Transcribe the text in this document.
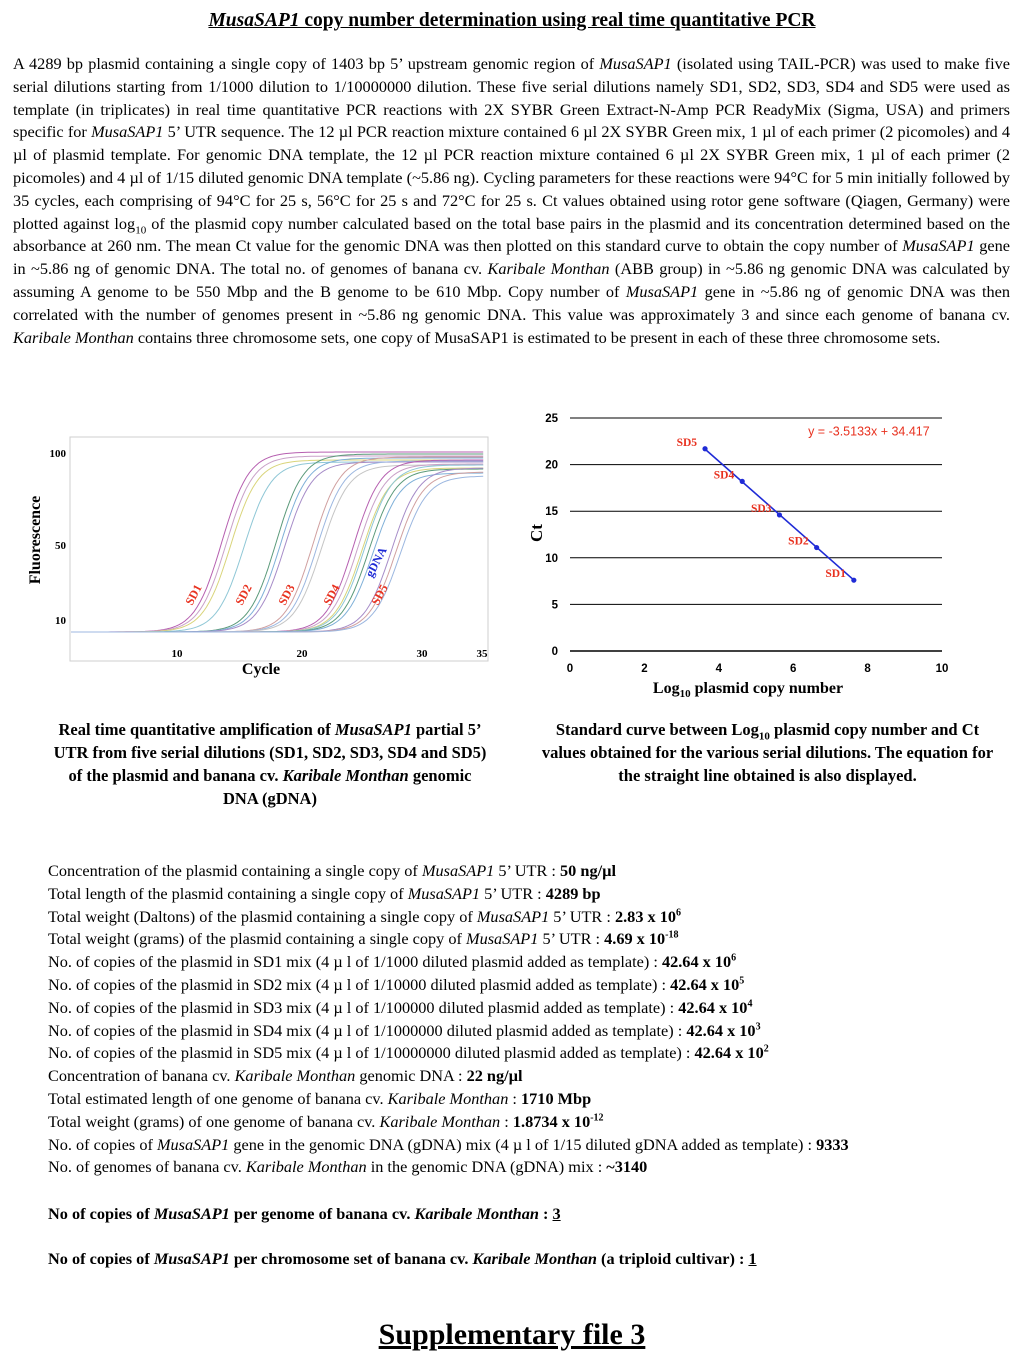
MusaSAP1 copy number determination using real time quantitative PCR

A 4289 bp plasmid containing a single copy of 1403 bp 5’ upstream genomic region of MusaSAP1 (isolated using TAIL-PCR) was used to make five serial dilutions starting from 1/1000 dilution to 1/10000000 dilution. These five serial dilutions namely SD1, SD2, SD3, SD4 and SD5 were used as template (in triplicates) in real time quantitative PCR reactions with 2X SYBR Green Extract-N-Amp PCR ReadyMix (Sigma, USA) and primers specific for MusaSAP1 5’ UTR sequence. The 12 µl PCR reaction mixture contained 6 µl 2X SYBR Green mix, 1 µl of each primer (2 picomoles) and 4 µl of plasmid template. For genomic DNA template, the 12 µl PCR reaction mixture contained 6 µl 2X SYBR Green mix, 1 µl of each primer (2 picomoles) and 4 µl of 1/15 diluted genomic DNA template (~5.86 ng). Cycling parameters for these reactions were 94°C for 5 min initially followed by 35 cycles, each comprising of 94°C for 25 s, 56°C for 25 s and 72°C for 25 s. Ct values obtained using rotor gene software (Qiagen, Germany) were plotted against $\log_{10}$ of the plasmid copy number calculated based on the total base pairs in the plasmid and its concentration determined based on the absorbance at 260 nm. The mean Ct value for the genomic DNA was then plotted on this standard curve to obtain the copy number of MusaSAP1 gene in ~5.86 ng of genomic DNA. The total no. of genomes of banana cv. Karibale Monthan (ABB group) in ~5.86 ng genomic DNA was calculated by assuming A genome to be 550 Mbp and the B genome to be 610 Mbp. Copy number of MusaSAP1 gene in ~5.86 ng of genomic DNA was then correlated with the number of genomes present in ~5.86 ng genomic DNA. This value was approximately 3 and since each genome of banana cv. Karibale Monthan contains three chromosome sets, one copy of MusaSAP1 is estimated to be present in each of these three chromosome sets.

100
50
10
10	20	30	35
Cycle
Fluorescence
SD1 SD2 SD3 SD4
gDNA
SD5
0
5
10
15
20
25
0	2	4	6	8	10
SD5
SD4
SD3
SD2
SD1
y = -3.5133x + 34.417
Ct
Log$_{10}$ plasmid copy number

Real time quantitative amplification of MusaSAP1 partial 5’ UTR from five serial dilutions (SD1, SD2, SD3, SD4 and SD5) of the plasmid and banana cv. Karibale Monthan genomic DNA (gDNA)

Standard curve between Log$_{10}$ plasmid copy number and Ct values obtained for the various serial dilutions. The equation for the straight line obtained is also displayed.

Concentration of the plasmid containing a single copy of MusaSAP1 5’ UTR : 50 ng/µl
Total length of the plasmid containing a single copy of MusaSAP1 5’ UTR : 4289 bp
Total weight (Daltons) of the plasmid containing a single copy of MusaSAP1 5’ UTR : 2.83 x $10^6$
Total weight (grams) of the plasmid containing a single copy of MusaSAP1 5’ UTR : 4.69 x $10^{-18}$
No. of copies of the plasmid in SD1 mix (4 µ l of 1/1000 diluted plasmid added as template) : 42.64 x $10^6$
No. of copies of the plasmid in SD2 mix (4 µ l of 1/10000 diluted plasmid added as template) : 42.64 x $10^5$
No. of copies of the plasmid in SD3 mix (4 µ l of 1/100000 diluted plasmid added as template) : 42.64 x $10^4$
No. of copies of the plasmid in SD4 mix (4 µ l of 1/1000000 diluted plasmid added as template) : 42.64 x $10^3$
No. of copies of the plasmid in SD5 mix (4 µ l of 1/10000000 diluted plasmid added as template) : 42.64 x $10^2$
Concentration of banana cv. Karibale Monthan genomic DNA : 22 ng/µl
Total estimated length of one genome of banana cv. Karibale Monthan : 1710 Mbp
Total weight (grams) of one genome of banana cv. Karibale Monthan : 1.8734 x $10^{-12}$
No. of copies of MusaSAP1 gene in the genomic DNA (gDNA) mix (4 µ l of 1/15 diluted gDNA added as template) : 9333
No. of genomes of banana cv. Karibale Monthan in the genomic DNA (gDNA) mix : ~3140

No of copies of MusaSAP1 per genome of banana cv. Karibale Monthan : 3

No of copies of MusaSAP1 per chromosome set of banana cv. Karibale Monthan (a triploid cultivar) : 1

Supplementary file 3
